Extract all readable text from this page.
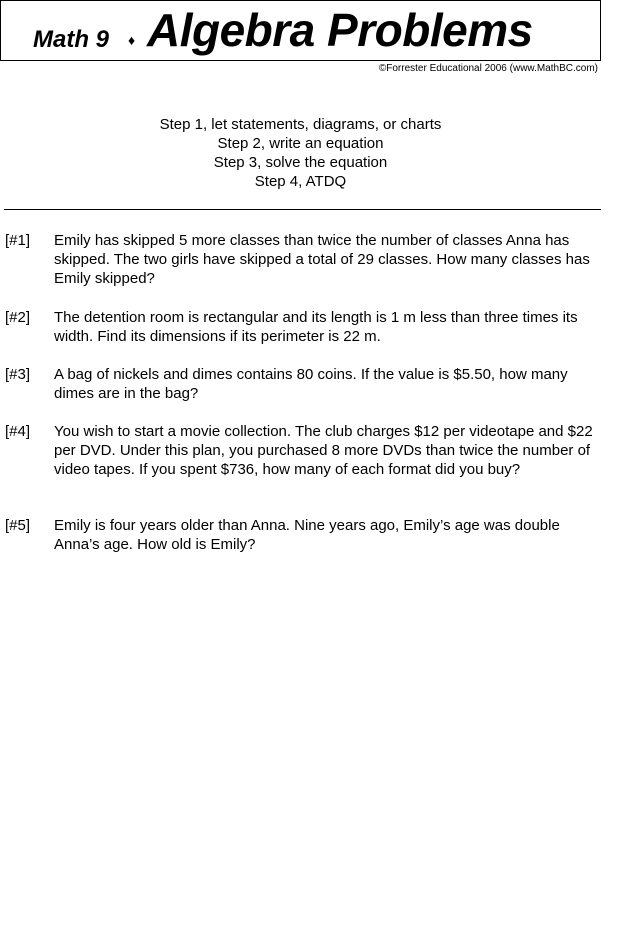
Math 9 ♦ Algebra Problems
©Forrester Educational 2006 (www.MathBC.com)
Step 1, let statements, diagrams, or charts
Step 2, write an equation
Step 3, solve the equation
Step 4, ATDQ
[#1] Emily has skipped 5 more classes than twice the number of classes Anna has skipped. The two girls have skipped a total of 29 classes. How many classes has Emily skipped?
[#2] The detention room is rectangular and its length is 1 m less than three times its width. Find its dimensions if its perimeter is 22 m.
[#3] A bag of nickels and dimes contains 80 coins. If the value is $5.50, how many dimes are in the bag?
[#4] You wish to start a movie collection. The club charges $12 per videotape and $22 per DVD. Under this plan, you purchased 8 more DVDs than twice the number of video tapes. If you spent $736, how many of each format did you buy?
[#5] Emily is four years older than Anna. Nine years ago, Emily’s age was double Anna’s age. How old is Emily?
